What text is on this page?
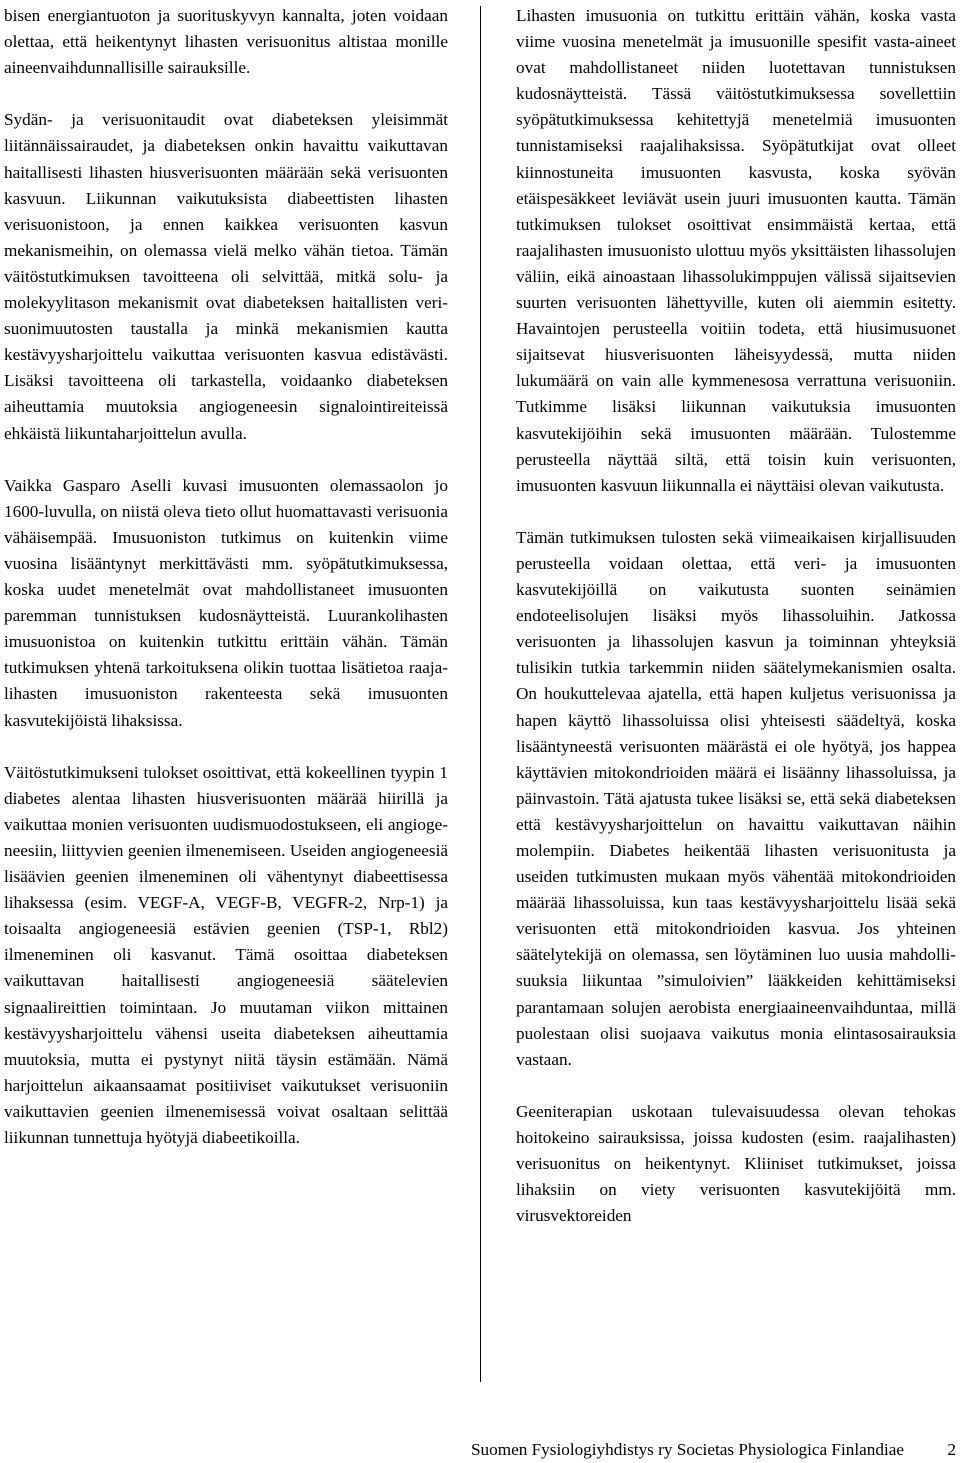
bisen energiantuoton ja suorituskyvyn kannalta, joten voidaan olettaa, että heikentynyt lihasten verisuonitus altistaa monille aineenvaihdunnallisille sairauksille.

Sydän- ja verisuonitaudit ovat diabeteksen yleisimmät liitännäissairaudet, ja diabeteksen onkin havaittu vaikuttavan haitallisesti lihasten hiusverisuonten määrään sekä verisuonten kasvuun. Liikunnan vaikutuksista diabeettisten lihasten verisuonistoon, ja ennen kaikkea verisuonten kasvun mekanismeihin, on olemassa vielä melko vähän tietoa. Tämän väitöstutkimuksen tavoitteena oli selvittää, mitkä solu- ja molekyylitason mekanismit ovat diabeteksen haitallisten verisuonimuutosten taustalla ja minkä mekanismien kautta kestävyysharjoittelu vaikuttaa verisuonten kasvua edistävästi. Lisäksi tavoitteena oli tarkastella, voidaanko diabeteksen aiheuttamia muutoksia angiogeneesin signalointireiteissä ehkäistä liikuntaharjoittelun avulla.

Vaikka Gasparo Aselli kuvasi imusuonten olemassaolon jo 1600-luvulla, on niistä oleva tieto ollut huomattavasti verisuonia vähäisempää. Imusuoniston tutkimus on kuitenkin viime vuosina lisääntynyt merkittävästi mm. syöpätutkimuksessa, koska uudet menetelmät ovat mahdollistaneet imusuonten paremman tunnistuksen kudosnäytteistä. Luurankolihasten imusuonistoa on kuitenkin tutkittu erittäin vähän. Tämän tutkimuksen yhtenä tarkoituksena olikin tuottaa lisätietoa raajalihasten imusuoniston rakenteesta sekä imusuonten kasvutekijöistä lihaksissa.

Väitöstutkimukseni tulokset osoittivat, että kokeellinen tyypin 1 diabetes alentaa lihasten hiusverisuonten määrää hiirillä ja vaikuttaa monien verisuonten uudismuodostukseen, eli angiogeneesiin, liittyvien geenien ilmenemiseen. Useiden angiogeneesiä lisäävien geenien ilmeneminen oli vähentynyt diabeettisessa lihaksessa (esim. VEGF-A, VEGF-B, VEGFR-2, Nrp-1) ja toisaalta angiogeneesiä estävien geenien (TSP-1, Rbl2) ilmeneminen oli kasvanut. Tämä osoittaa diabeteksen vaikuttavan haitallisesti angiogeneesiä säätelevien signaalireittien toimintaan. Jo muutaman viikon mittainen kestävyysharjoittelu vähensi useita diabeteksen aiheuttamia muutoksia, mutta ei pystynyt niitä täysin estämään. Nämä harjoittelun aikaansaamat positiiviset vaikutukset verisuoniin vaikuttavien geenien ilmenemisessä voivat osaltaan selittää liikunnan tunnettuja hyötyjä diabeetikoilla.

Lihasten imusuonia on tutkittu erittäin vähän, koska vasta viime vuosina menetelmät ja imusuonille spesifit vasta-aineet ovat mahdollistaneet niiden luotettavan tunnistuksen kudosnäytteistä. Tässä väitöstutkimuksessa sovellettiin syöpätutkimuksessa kehitettyjä menetelmiä imusuonten tunnistamiseksi raajalihaksissa. Syöpätutkijat ovat olleet kiinnostuneita imusuonten kasvusta, koska syövän etäispesäkkeet leviävät usein juuri imusuonten kautta. Tämän tutkimuksen tulokset osoittivat ensimmäistä kertaa, että raajalihasten imusuonisto ulottuu myös yksittäisten lihassolujen väliin, eikä ainoastaan lihassolukimppujen välissä sijaitsevien suurten verisuonten lähettyville, kuten oli aiemmin esitetty. Havaintojen perusteella voitiin todeta, että hiusimusuonet sijaitsevat hiusverisuonten läheisyydessä, mutta niiden lukumäärä on vain alle kymmenesosa verrattuna verisuoniin. Tutkimme lisäksi liikunnan vaikutuksia imusuonten kasvutekijöihin sekä imusuonten määrään. Tulostemme perusteella näyttää siltä, että toisin kuin verisuonten, imusuonten kasvuun liikunnalla ei näyttäisi olevan vaikutusta.

Tämän tutkimuksen tulosten sekä viimeaikaisen kirjallisuuden perusteella voidaan olettaa, että veri- ja imusuonten kasvutekijöillä on vaikutusta suonten seinämien endoteelisolujen lisäksi myös lihassoluihin. Jatkossa verisuonten ja lihassolujen kasvun ja toiminnan yhteyksiä tulisikin tutkia tarkemmin niiden säätelymekanismien osalta. On houkuttelevaa ajatella, että hapen kuljetus verisuonissa ja hapen käyttö lihassoluissa olisi yhteisesti säädeltyä, koska lisääntyneestä verisuonten määrästä ei ole hyötyä, jos happea käyttävien mitokondrioiden määrä ei lisäänny lihassoluissa, ja päinvastoin. Tätä ajatusta tukee lisäksi se, että sekä diabeteksen että kestävyysharjoittelun on havaittu vaikuttavan näihin molempiin. Diabetes heikentää lihasten verisuonitusta ja useiden tutkimusten mukaan myös vähentää mitokondrioiden määrää lihassoluissa, kun taas kestävyysharjoittelu lisää sekä verisuonten että mitokondrioiden kasvua. Jos yhteinen säätelytekijä on olemassa, sen löytäminen luo uusia mahdollisuuksia liikuntaa ”simuloivien” lääkkeiden kehittämiseksi parantamaan solujen aerobista energiaaineenvaihduntaa, millä puolestaan olisi suojaava vaikutus monia elintasosairauksia vastaan.

Geeniterapian uskotaan tulevaisuudessa olevan tehokas hoitokeino sairauksissa, joissa kudosten (esim. raajalihasten) verisuonitus on heikentynyt. Kliiniset tutkimukset, joissa lihaksiin on viety verisuonten kasvutekijöitä mm. virusvektoreiden

Suomen Fysiologiyhdistys ry Societas Physiologica Finlandiae	2
